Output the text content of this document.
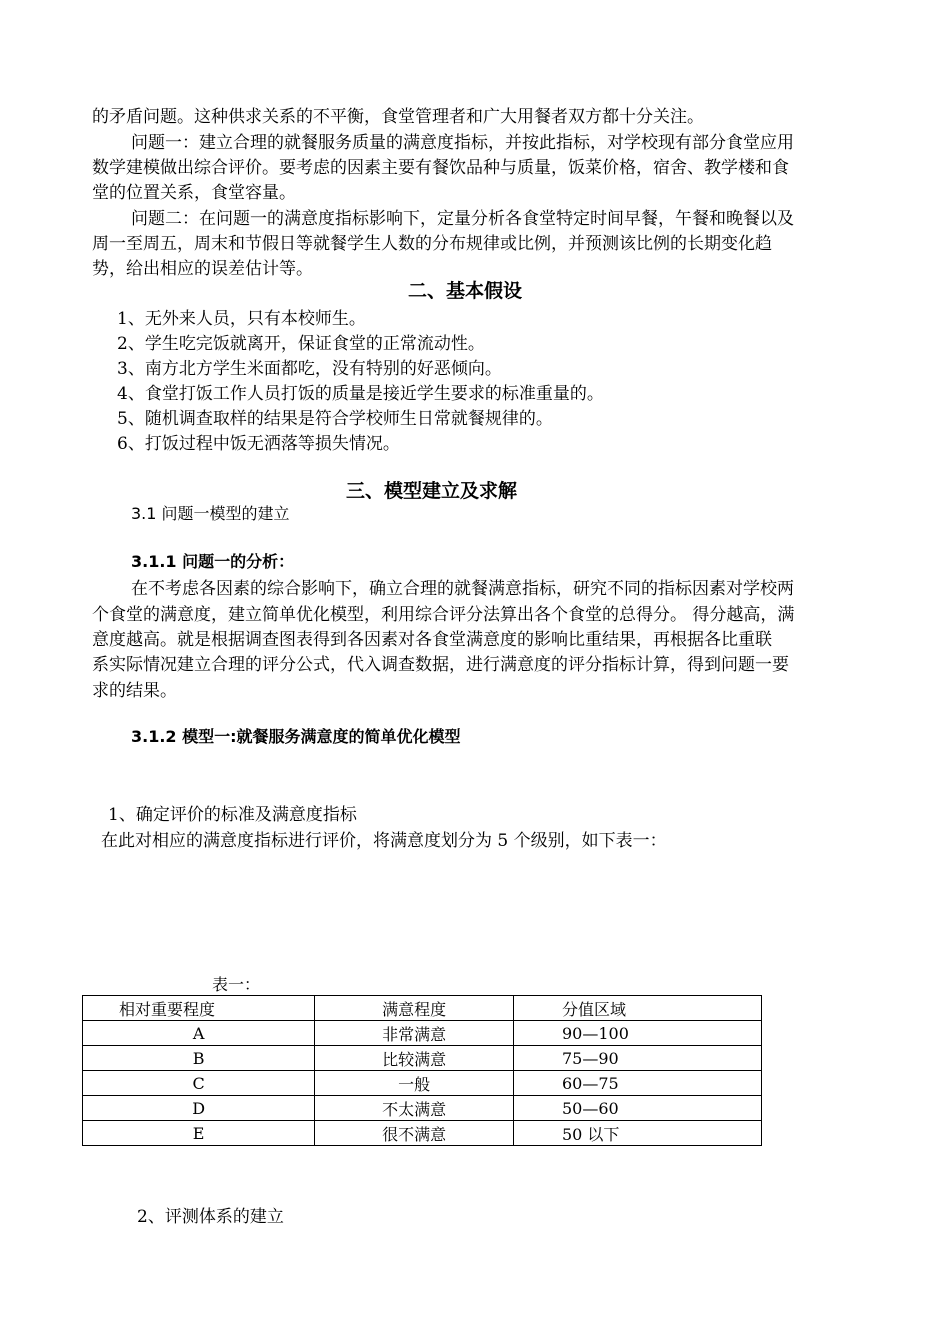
的矛盾问题。这种供求关系的不平衡，食堂管理者和广大用餐者双方都十分关注。
问题一：建立合理的就餐服务质量的满意度指标，并按此指标，对学校现有部分食堂应用
数学建模做出综合评价。要考虑的因素主要有餐饮品种与质量，饭菜价格，宿舍、教学楼和食
堂的位置关系，食堂容量。
问题二：在问题一的满意度指标影响下，定量分析各食堂特定时间早餐，午餐和晚餐以及
周一至周五，周末和节假日等就餐学生人数的分布规律或比例，并预测该比例的长期变化趋
势，给出相应的误差估计等。
二、基本假设
1、无外来人员，只有本校师生。
2、学生吃完饭就离开，保证食堂的正常流动性。
3、南方北方学生米面都吃，没有特别的好恶倾向。
4、食堂打饭工作人员打饭的质量是接近学生要求的标准重量的。
5、随机调查取样的结果是符合学校师生日常就餐规律的。
6、打饭过程中饭无洒落等损失情况。
三、模型建立及求解
3.1 问题一模型的建立
3.1.1 问题一的分析：
在不考虑各因素的综合影响下，确立合理的就餐满意指标，研究不同的指标因素对学校两
个食堂的满意度，建立简单优化模型，利用综合评分法算出各个食堂的总得分。 得分越高，满
意度越高。就是根据调查图表得到各因素对各食堂满意度的影响比重结果，再根据各比重联
系实际情况建立合理的评分公式，代入调查数据，进行满意度的评分指标计算，得到问题一要
求的结果。
3.1.2 模型一:就餐服务满意度的简单优化模型
1、确定评价的标准及满意度指标
在此对相应的满意度指标进行评价，将满意度划分为 5 个级别，如下表一：
表一：
相对重要程度	满意程度	分值区域
A	非常满意	90—100
B	比较满意	75—90
C	一般	60—75
D	不太满意	50—60
E	很不满意	50 以下
2、评测体系的建立
